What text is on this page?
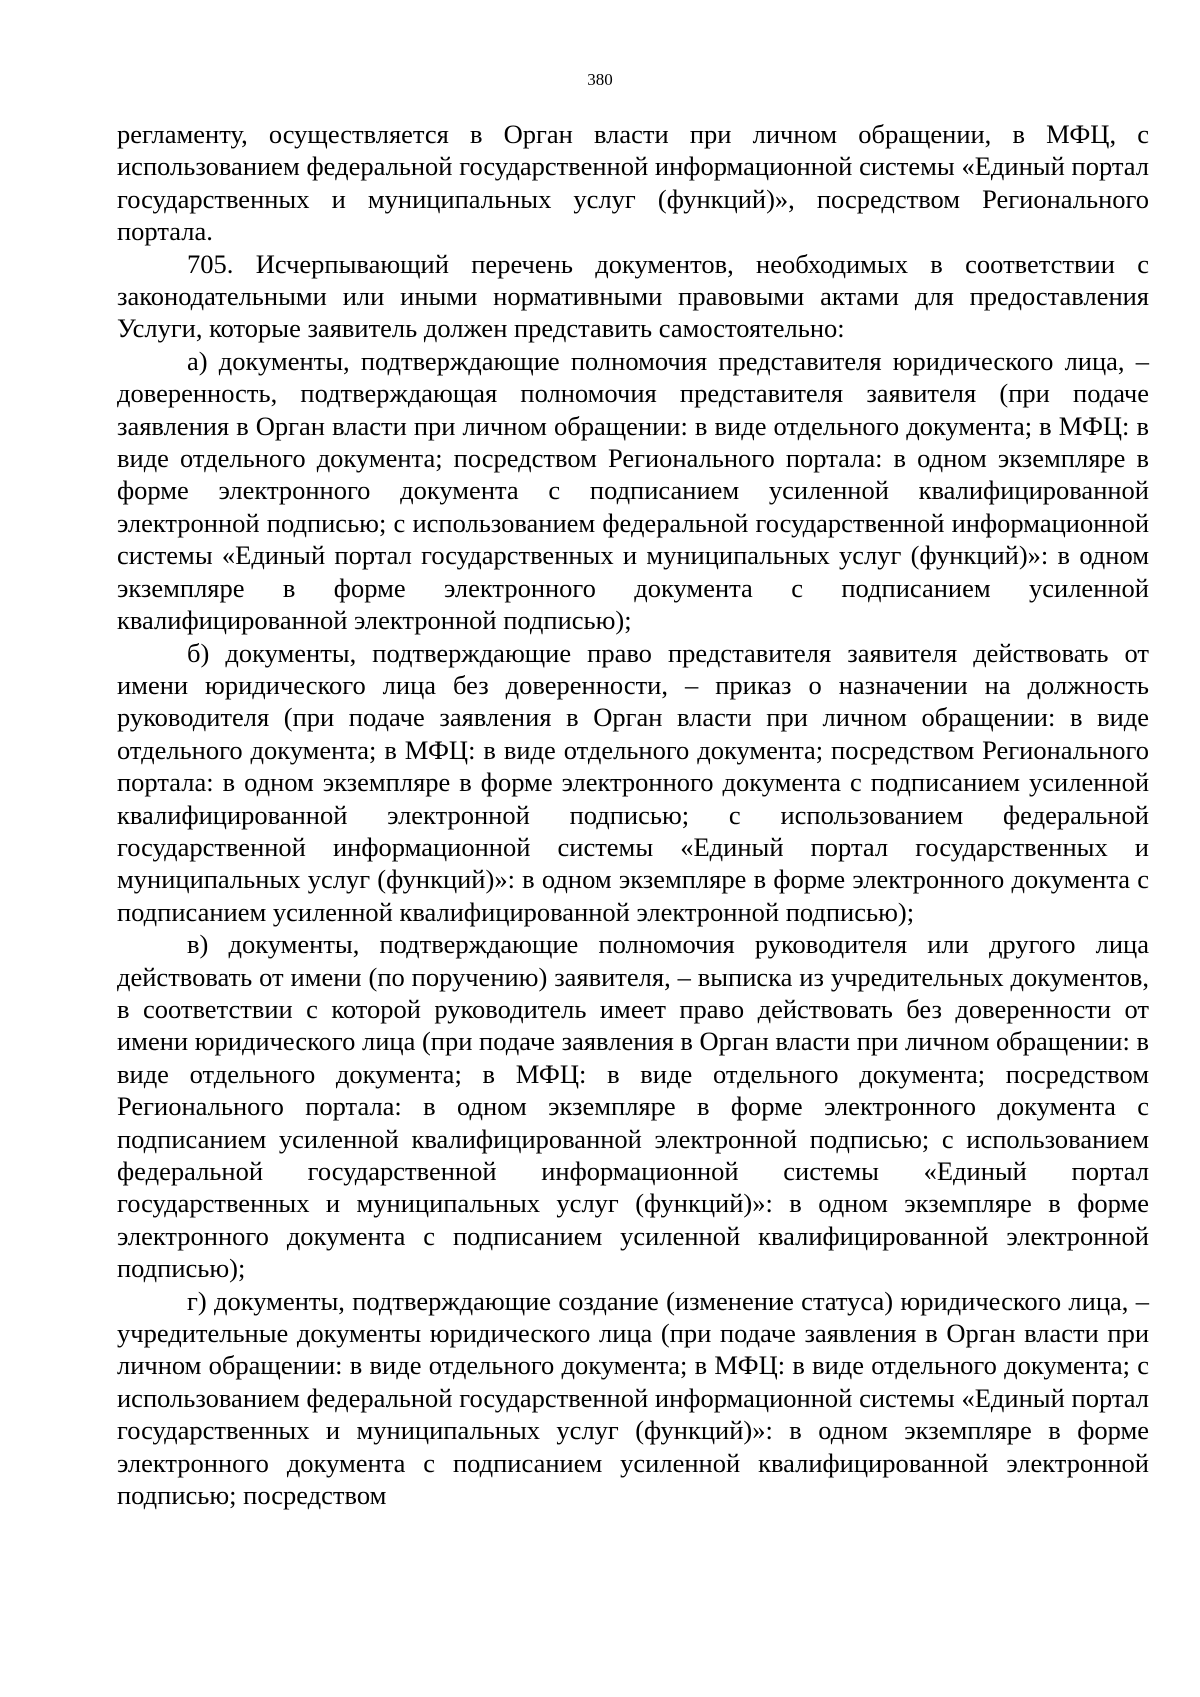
380

регламенту, осуществляется в Орган власти при личном обращении, в МФЦ, с использованием федеральной государственной информационной системы «Единый портал государственных и муниципальных услуг (функций)», посредством Регионального портала.

705. Исчерпывающий перечень документов, необходимых в соответствии с законодательными или иными нормативными правовыми актами для предоставления Услуги, которые заявитель должен представить самостоятельно:

а) документы, подтверждающие полномочия представителя юридического лица, – доверенность, подтверждающая полномочия представителя заявителя (при подаче заявления в Орган власти при личном обращении: в виде отдельного документа; в МФЦ: в виде отдельного документа; посредством Регионального портала: в одном экземпляре в форме электронного документа с подписанием усиленной квалифицированной электронной подписью; с использованием федеральной государственной информационной системы «Единый портал государственных и муниципальных услуг (функций)»: в одном экземпляре в форме электронного документа с подписанием усиленной квалифицированной электронной подписью);

б) документы, подтверждающие право представителя заявителя действовать от имени юридического лица без доверенности, – приказ о назначении на должность руководителя (при подаче заявления в Орган власти при личном обращении: в виде отдельного документа; в МФЦ: в виде отдельного документа; посредством Регионального портала: в одном экземпляре в форме электронного документа с подписанием усиленной квалифицированной электронной подписью; с использованием федеральной государственной информационной системы «Единый портал государственных и муниципальных услуг (функций)»: в одном экземпляре в форме электронного документа с подписанием усиленной квалифицированной электронной подписью);

в) документы, подтверждающие полномочия руководителя или другого лица действовать от имени (по поручению) заявителя, – выписка из учредительных документов, в соответствии с которой руководитель имеет право действовать без доверенности от имени юридического лица (при подаче заявления в Орган власти при личном обращении: в виде отдельного документа; в МФЦ: в виде отдельного документа; посредством Регионального портала: в одном экземпляре в форме электронного документа с подписанием усиленной квалифицированной электронной подписью; с использованием федеральной государственной информационной системы «Единый портал государственных и муниципальных услуг (функций)»: в одном экземпляре в форме электронного документа с подписанием усиленной квалифицированной электронной подписью);

г) документы, подтверждающие создание (изменение статуса) юридического лица, – учредительные документы юридического лица (при подаче заявления в Орган власти при личном обращении: в виде отдельного документа; в МФЦ: в виде отдельного документа; с использованием федеральной государственной информационной системы «Единый портал государственных и муниципальных услуг (функций)»: в одном экземпляре в форме электронного документа с подписанием усиленной квалифицированной электронной подписью; посредством
